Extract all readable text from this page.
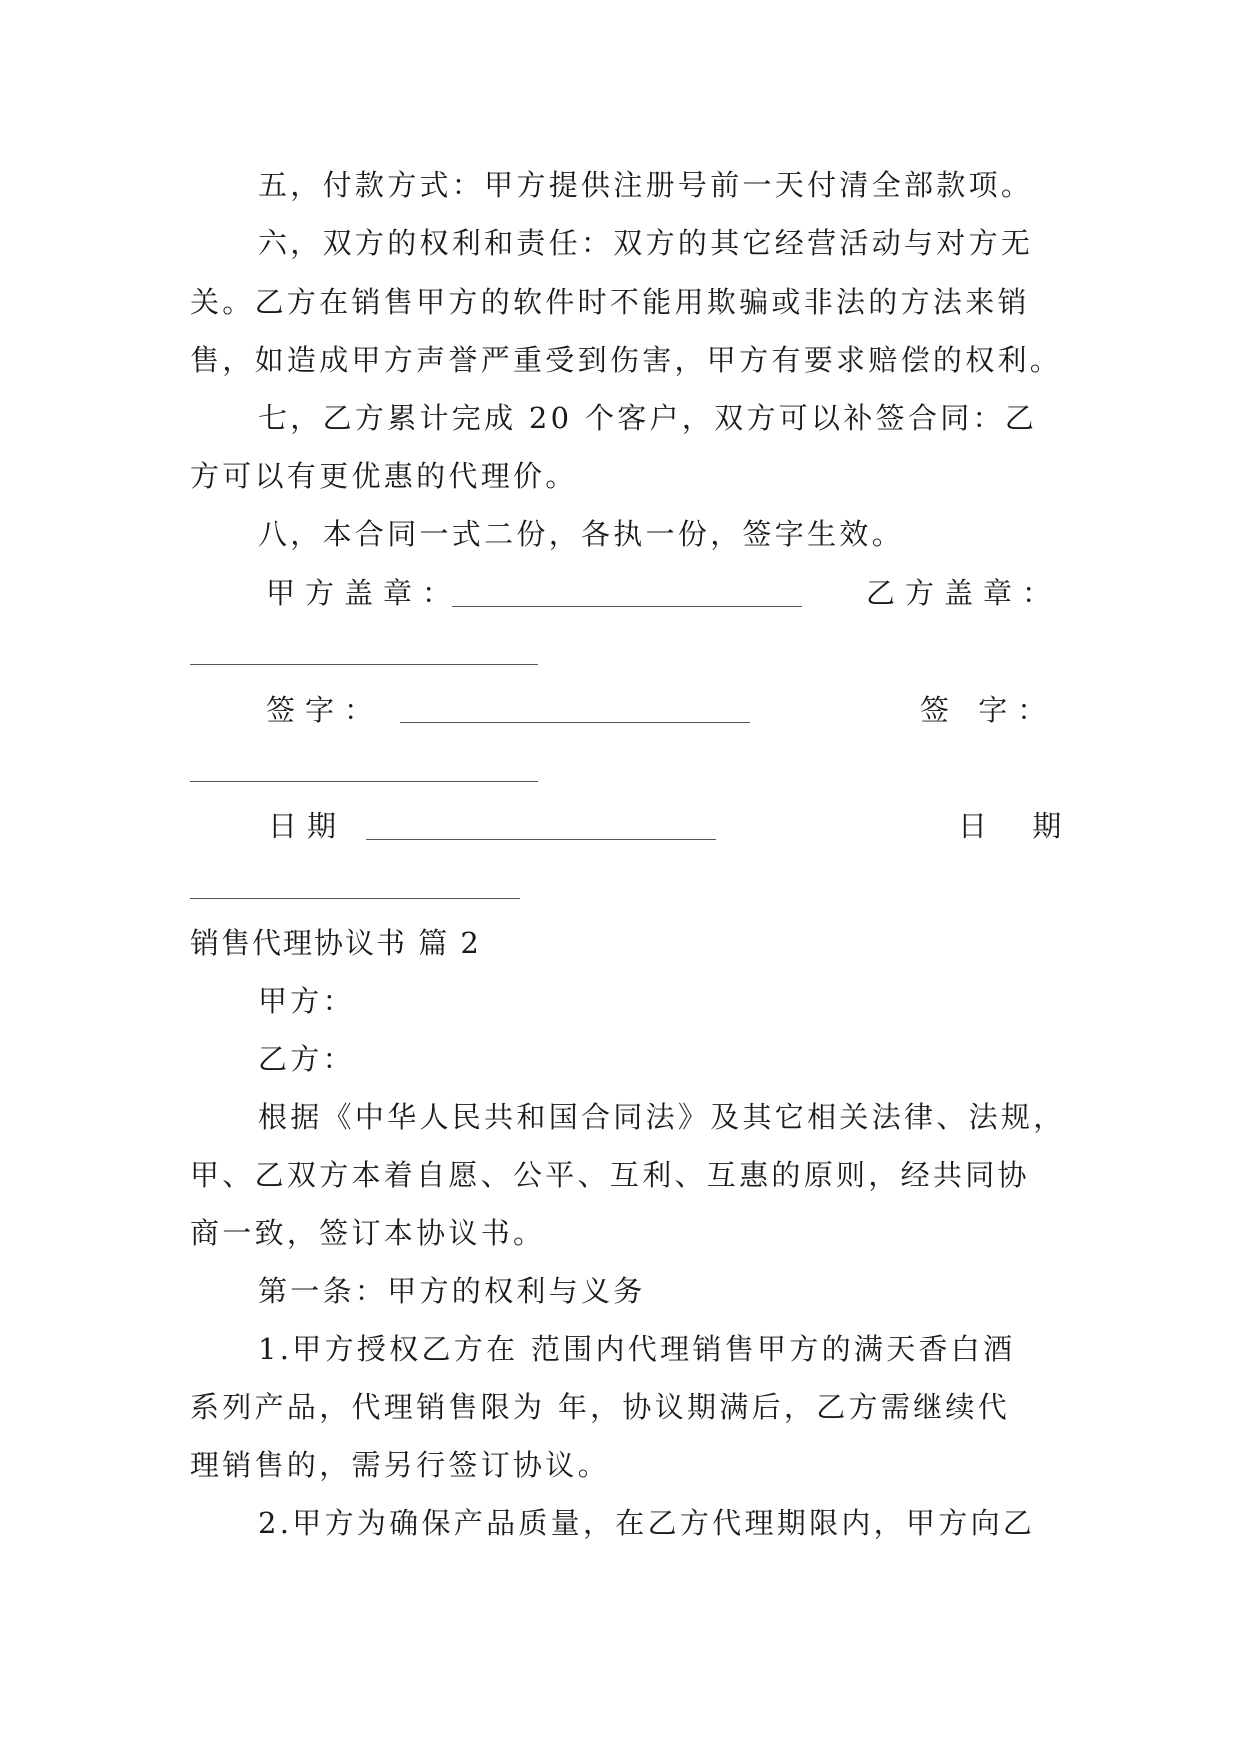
五，付款方式：甲方提供注册号前一天付清全部款项。
六，双方的权利和责任：双方的其它经营活动与对方无
关。乙方在销售甲方的软件时不能用欺骗或非法的方法来销
售，如造成甲方声誉严重受到伤害，甲方有要求赔偿的权利。
七，乙方累计完成 20 个客户，双方可以补签合同：乙
方可以有更优惠的代理价。
八，本合同一式二份，各执一份，签字生效。
甲方盖章：	乙方盖章：
签字：	签 字：
日期	日 期
销售代理协议书 篇 2
甲方：
乙方：
根据《中华人民共和国合同法》及其它相关法律、法规，
甲、乙双方本着自愿、公平、互利、互惠的原则，经共同协
商一致，签订本协议书。
第一条：甲方的权利与义务
1.甲方授权乙方在 范围内代理销售甲方的满天香白酒
系列产品，代理销售限为 年，协议期满后，乙方需继续代
理销售的，需另行签订协议。
2.甲方为确保产品质量，在乙方代理期限内，甲方向乙
